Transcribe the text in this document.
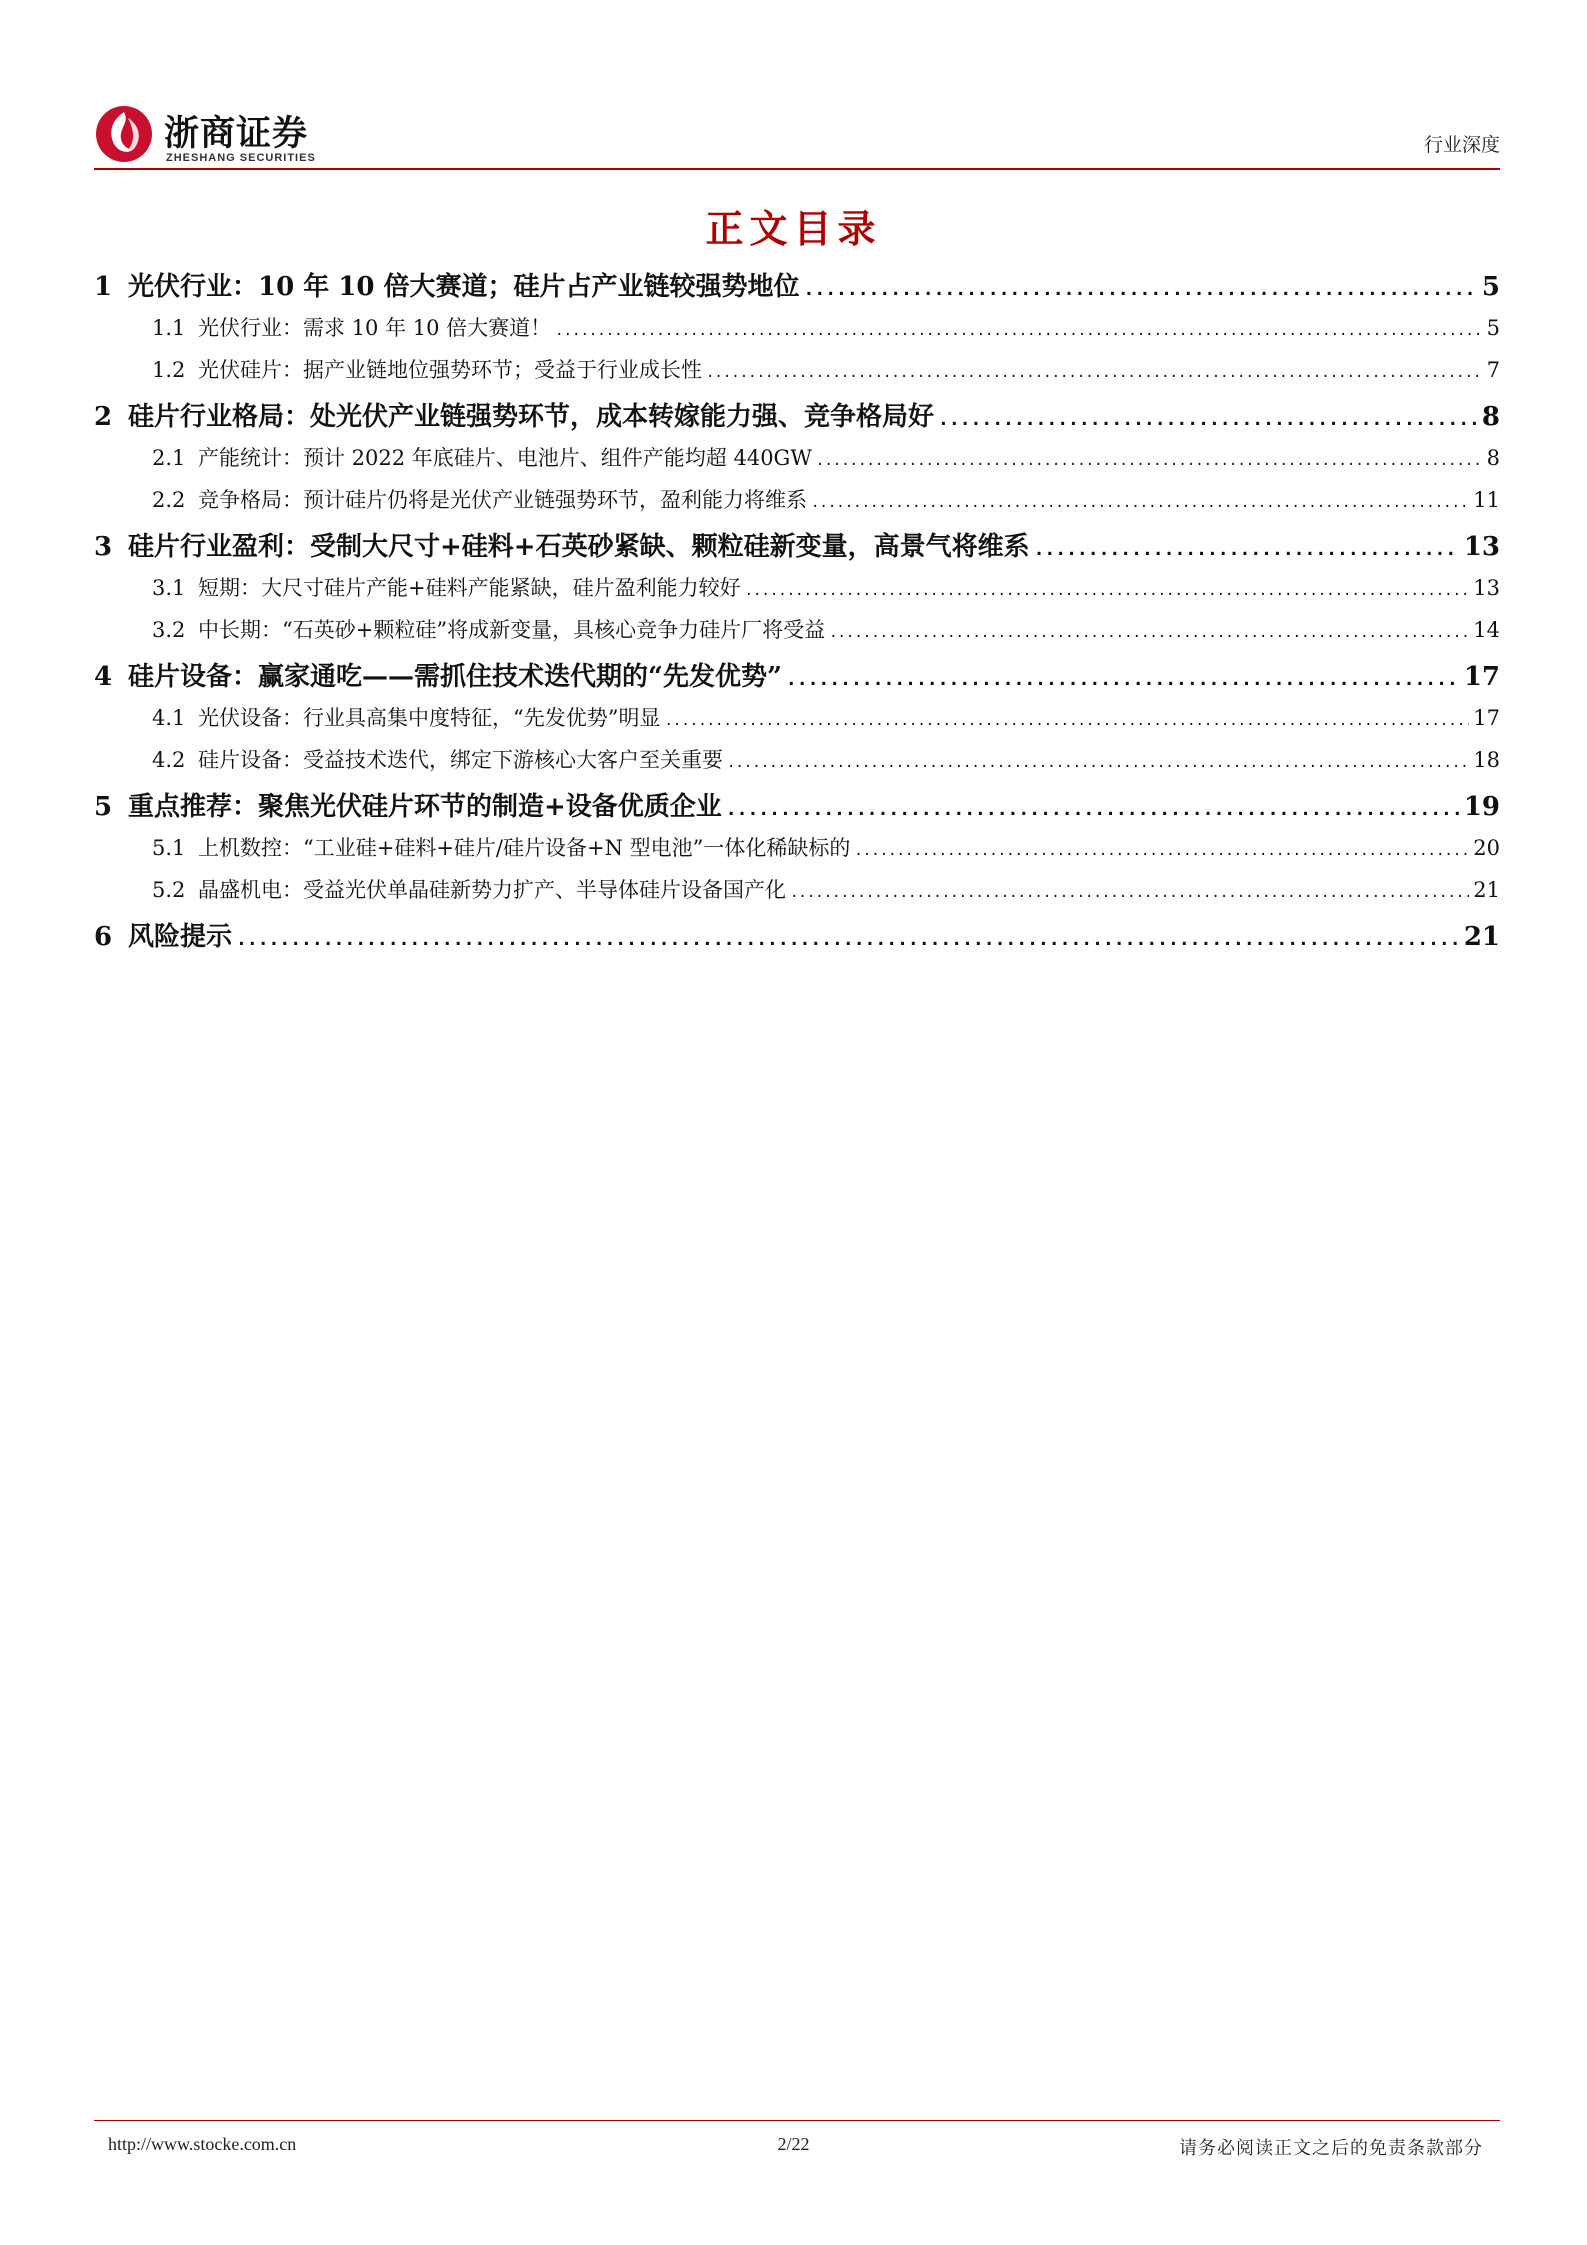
浙商证券
ZHESHANG SECURITIES
行业深度
正文目录
1 光伏行业：10 年 10 倍大赛道；硅片占产业链较强势地位 .....	5
1.1 光伏行业：需求 10 年 10 倍大赛道！ .....	5
1.2 光伏硅片：据产业链地位强势环节；受益于行业成长性 .....	7
2 硅片行业格局：处光伏产业链强势环节，成本转嫁能力强、竞争格局好 .....	8
2.1 产能统计：预计 2022 年底硅片、电池片、组件产能均超 440GW .....	8
2.2 竞争格局：预计硅片仍将是光伏产业链强势环节，盈利能力将维系 .....	11
3 硅片行业盈利：受制大尺寸+硅料+石英砂紧缺、颗粒硅新变量，高景气将维系 .....	13
3.1 短期：大尺寸硅片产能+硅料产能紧缺，硅片盈利能力较好 .....	13
3.2 中长期：“石英砂+颗粒硅”将成新变量，具核心竞争力硅片厂将受益 .....	14
4 硅片设备：赢家通吃——需抓住技术迭代期的“先发优势” .....	17
4.1 光伏设备：行业具高集中度特征，“先发优势”明显 .....	17
4.2 硅片设备：受益技术迭代，绑定下游核心大客户至关重要 .....	18
5 重点推荐：聚焦光伏硅片环节的制造+设备优质企业 .....	19
5.1 上机数控：“工业硅+硅料+硅片/硅片设备+N 型电池”一体化稀缺标的 .....	20
5.2 晶盛机电：受益光伏单晶硅新势力扩产、半导体硅片设备国产化 .....	21
6 风险提示 .....	21
http://www.stocke.com.cn	2/22	请务必阅读正文之后的免责条款部分
